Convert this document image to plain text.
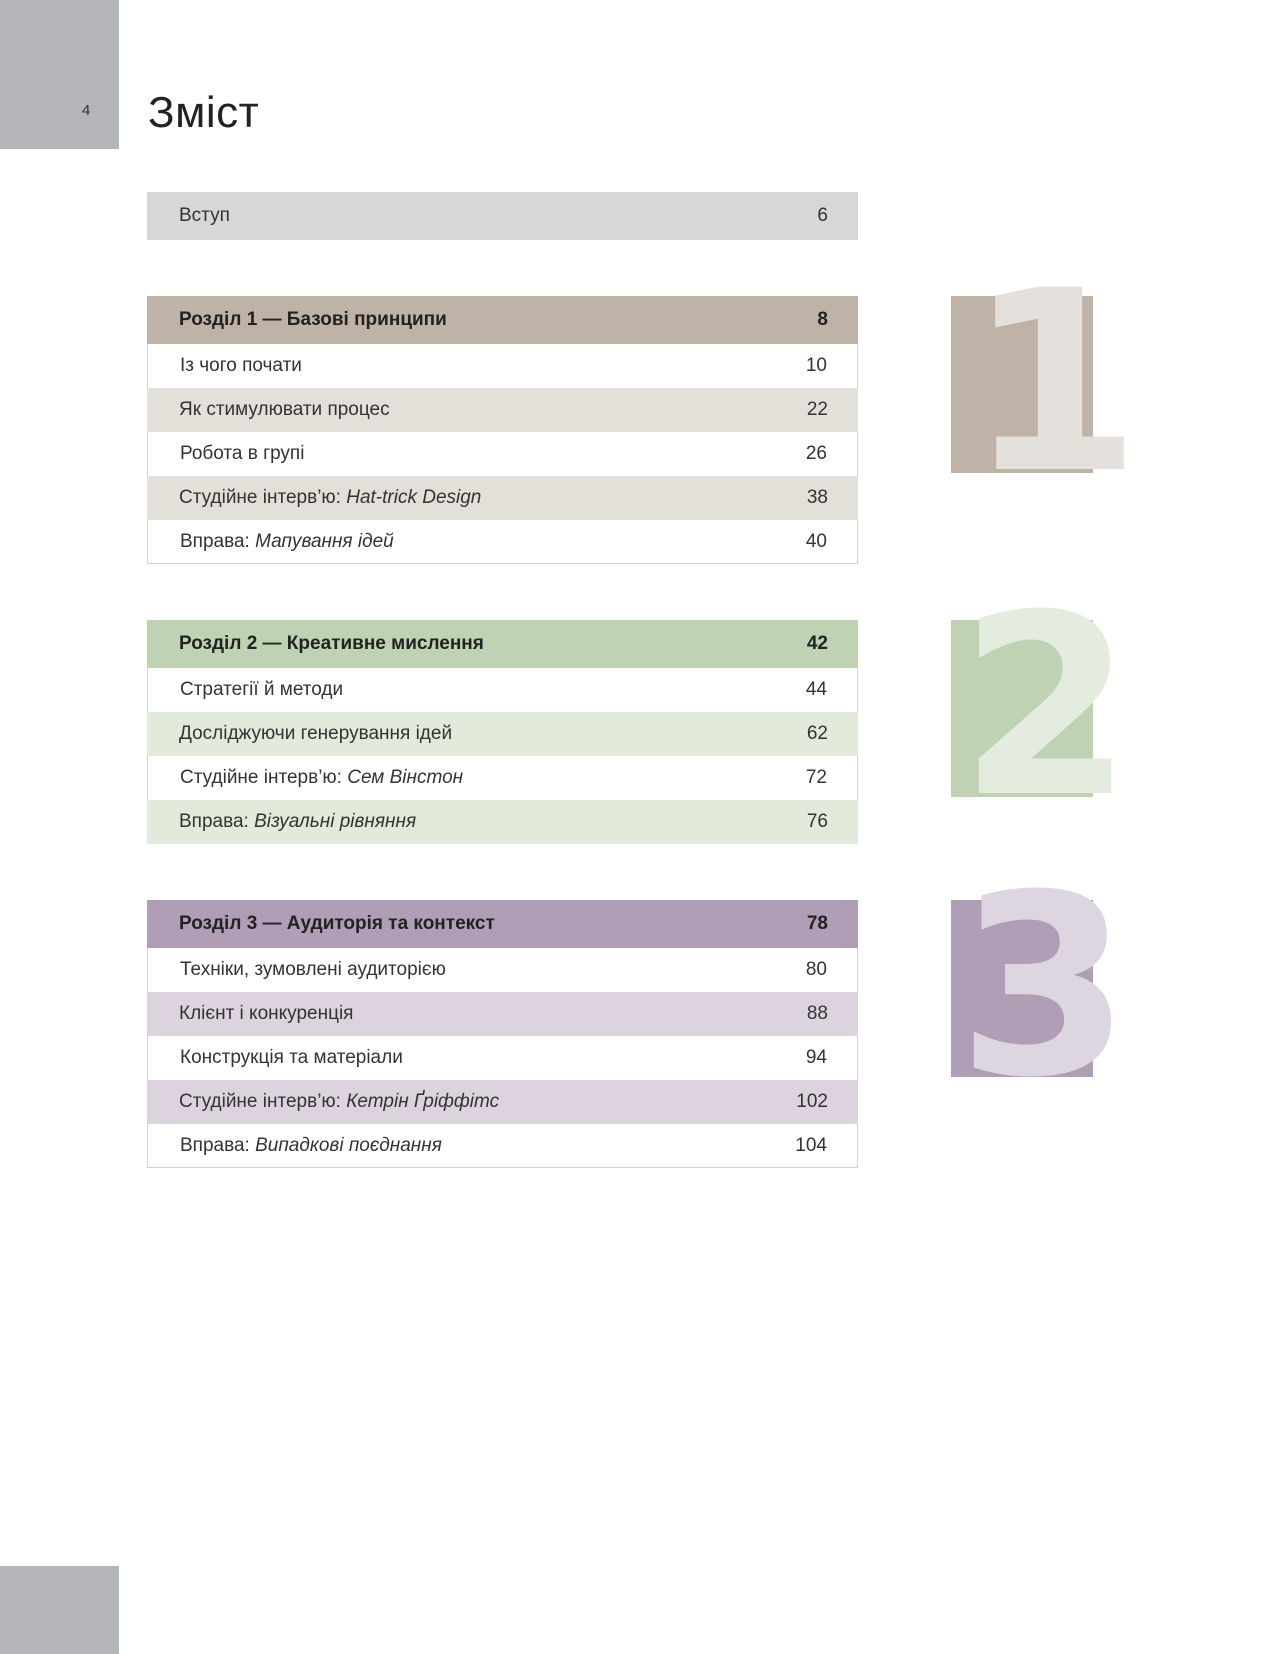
4 Зміст
Вступ	6
Розділ 1 — Базові принципи	8
Із чого почати	10
Як стимулювати процес	22
Робота в групі	26
Студійне інтерв’ю: Hat-trick Design	38
Вправа: Мапування ідей	40
Розділ 2 — Креативне мислення	42
Стратегії й методи	44
Досліджуючи генерування ідей	62
Студійне інтерв’ю: Сем Вінстон	72
Вправа: Візуальні рівняння	76
Розділ 3 — Аудиторія та контекст	78
Техніки, зумовлені аудиторією	80
Клієнт і конкуренція	88
Конструкція та матеріали	94
Студійне інтерв’ю: Кетрін Ґріффітс	102
Вправа: Випадкові поєднання	104
1
2
3
